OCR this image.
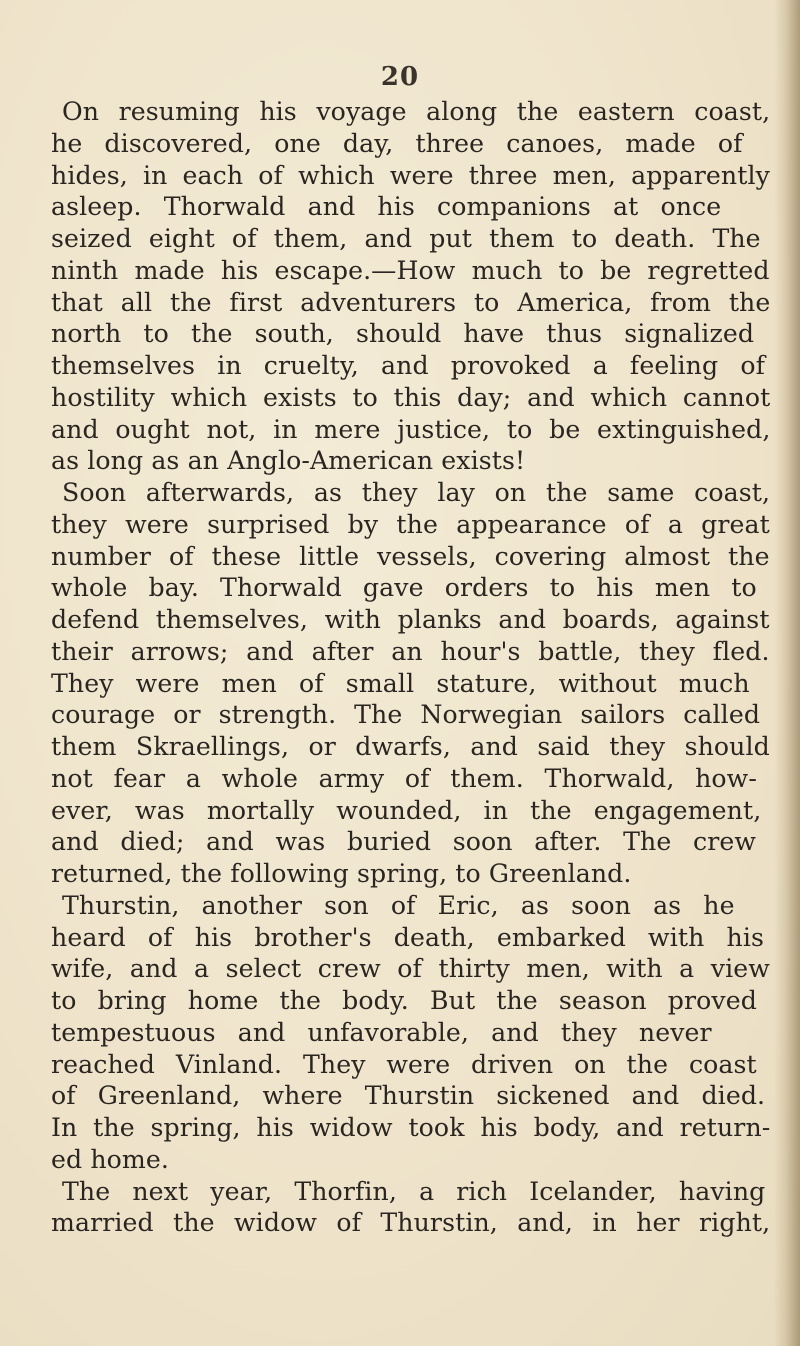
20
On resuming his voyage along the eastern coast,
he discovered, one day, three canoes, made of
hides, in each of which were three men, apparently
asleep. Thorwald and his companions at once
seized eight of them, and put them to death. The
ninth made his escape.—How much to be regretted
that all the first adventurers to America, from the
north to the south, should have thus signalized
themselves in cruelty, and provoked a feeling of
hostility which exists to this day; and which cannot
and ought not, in mere justice, to be extinguished,
as long as an Anglo-American exists!
Soon afterwards, as they lay on the same coast,
they were surprised by the appearance of a great
number of these little vessels, covering almost the
whole bay. Thorwald gave orders to his men to
defend themselves, with planks and boards, against
their arrows; and after an hour's battle, they fled.
They were men of small stature, without much
courage or strength. The Norwegian sailors called
them Skraellings, or dwarfs, and said they should
not fear a whole army of them. Thorwald, how-
ever, was mortally wounded, in the engagement,
and died; and was buried soon after. The crew
returned, the following spring, to Greenland.
Thurstin, another son of Eric, as soon as he
heard of his brother's death, embarked with his
wife, and a select crew of thirty men, with a view
to bring home the body. But the season proved
tempestuous and unfavorable, and they never
reached Vinland. They were driven on the coast
of Greenland, where Thurstin sickened and died.
In the spring, his widow took his body, and return-
ed home.
The next year, Thorfin, a rich Icelander, having
married the widow of Thurstin, and, in her right,
